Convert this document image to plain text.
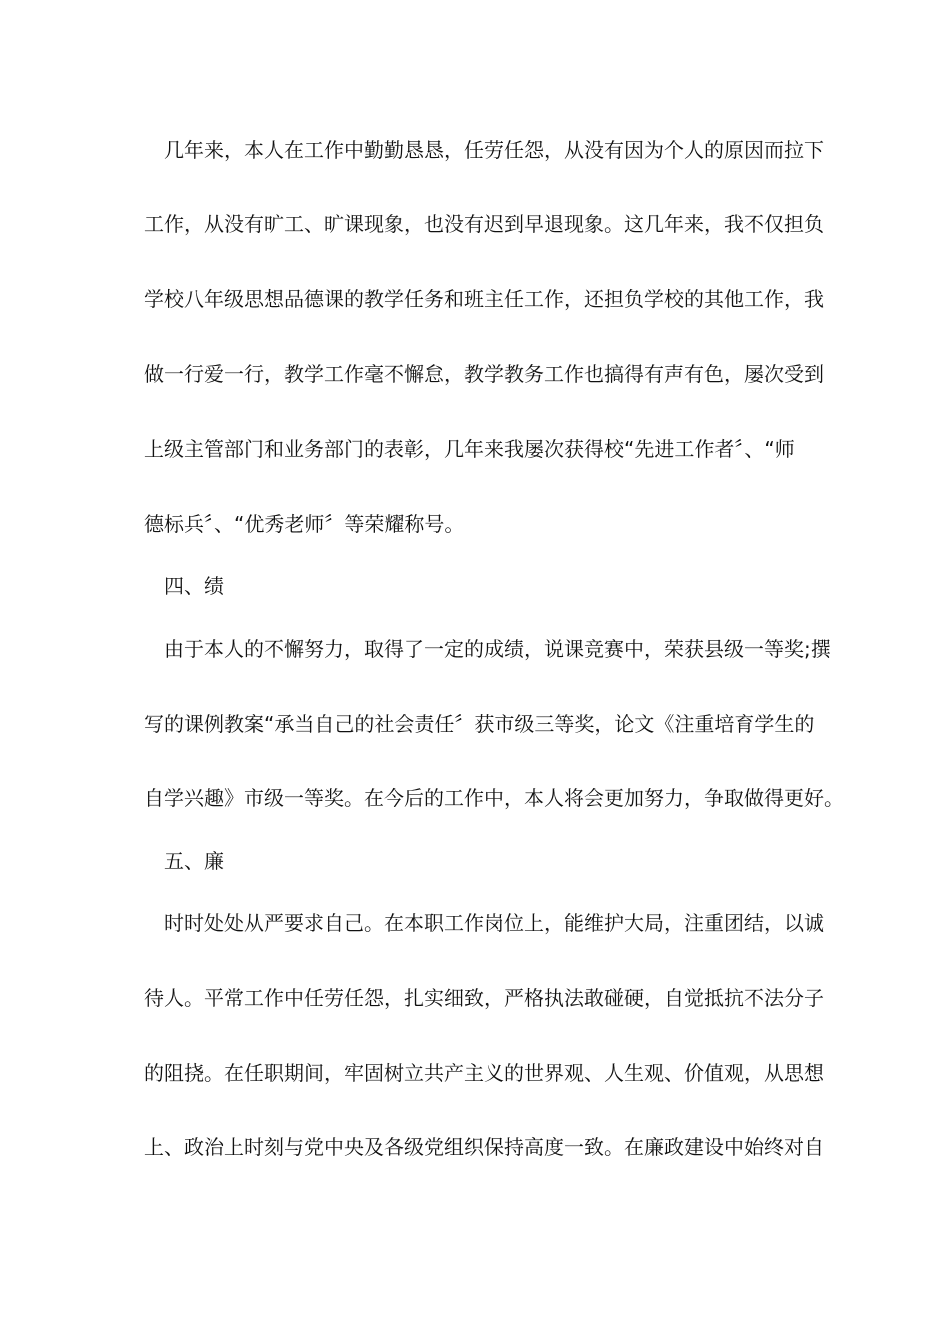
　几年来，本人在工作中勤勤恳恳，任劳任怨，从没有因为个人的原因而拉下
工作，从没有旷工、旷课现象，也没有迟到早退现象。这几年来，我不仅担负
学校八年级思想品德课的教学任务和班主任工作，还担负学校的其他工作，我
做一行爱一行，教学工作毫不懈怠，教学教务工作也搞得有声有色，屡次受到
上级主管部门和业务部门的表彰，几年来我屡次获得校“先进工作者〞、“师
德标兵〞、“优秀老师〞等荣耀称号。
　四、绩
　由于本人的不懈努力，取得了一定的成绩，说课竞赛中，荣获县级一等奖;撰
写的课例教案“承当自己的社会责任〞获市级三等奖，论文《注重培育学生的
自学兴趣》市级一等奖。在今后的工作中，本人将会更加努力，争取做得更好。
　五、廉
　时时处处从严要求自己。在本职工作岗位上，能维护大局，注重团结，以诚
待人。平常工作中任劳任怨，扎实细致，严格执法敢碰硬，自觉抵抗不法分子
的阻挠。在任职期间，牢固树立共产主义的世界观、人生观、价值观，从思想
上、政治上时刻与党中央及各级党组织保持高度一致。在廉政建设中始终对自
